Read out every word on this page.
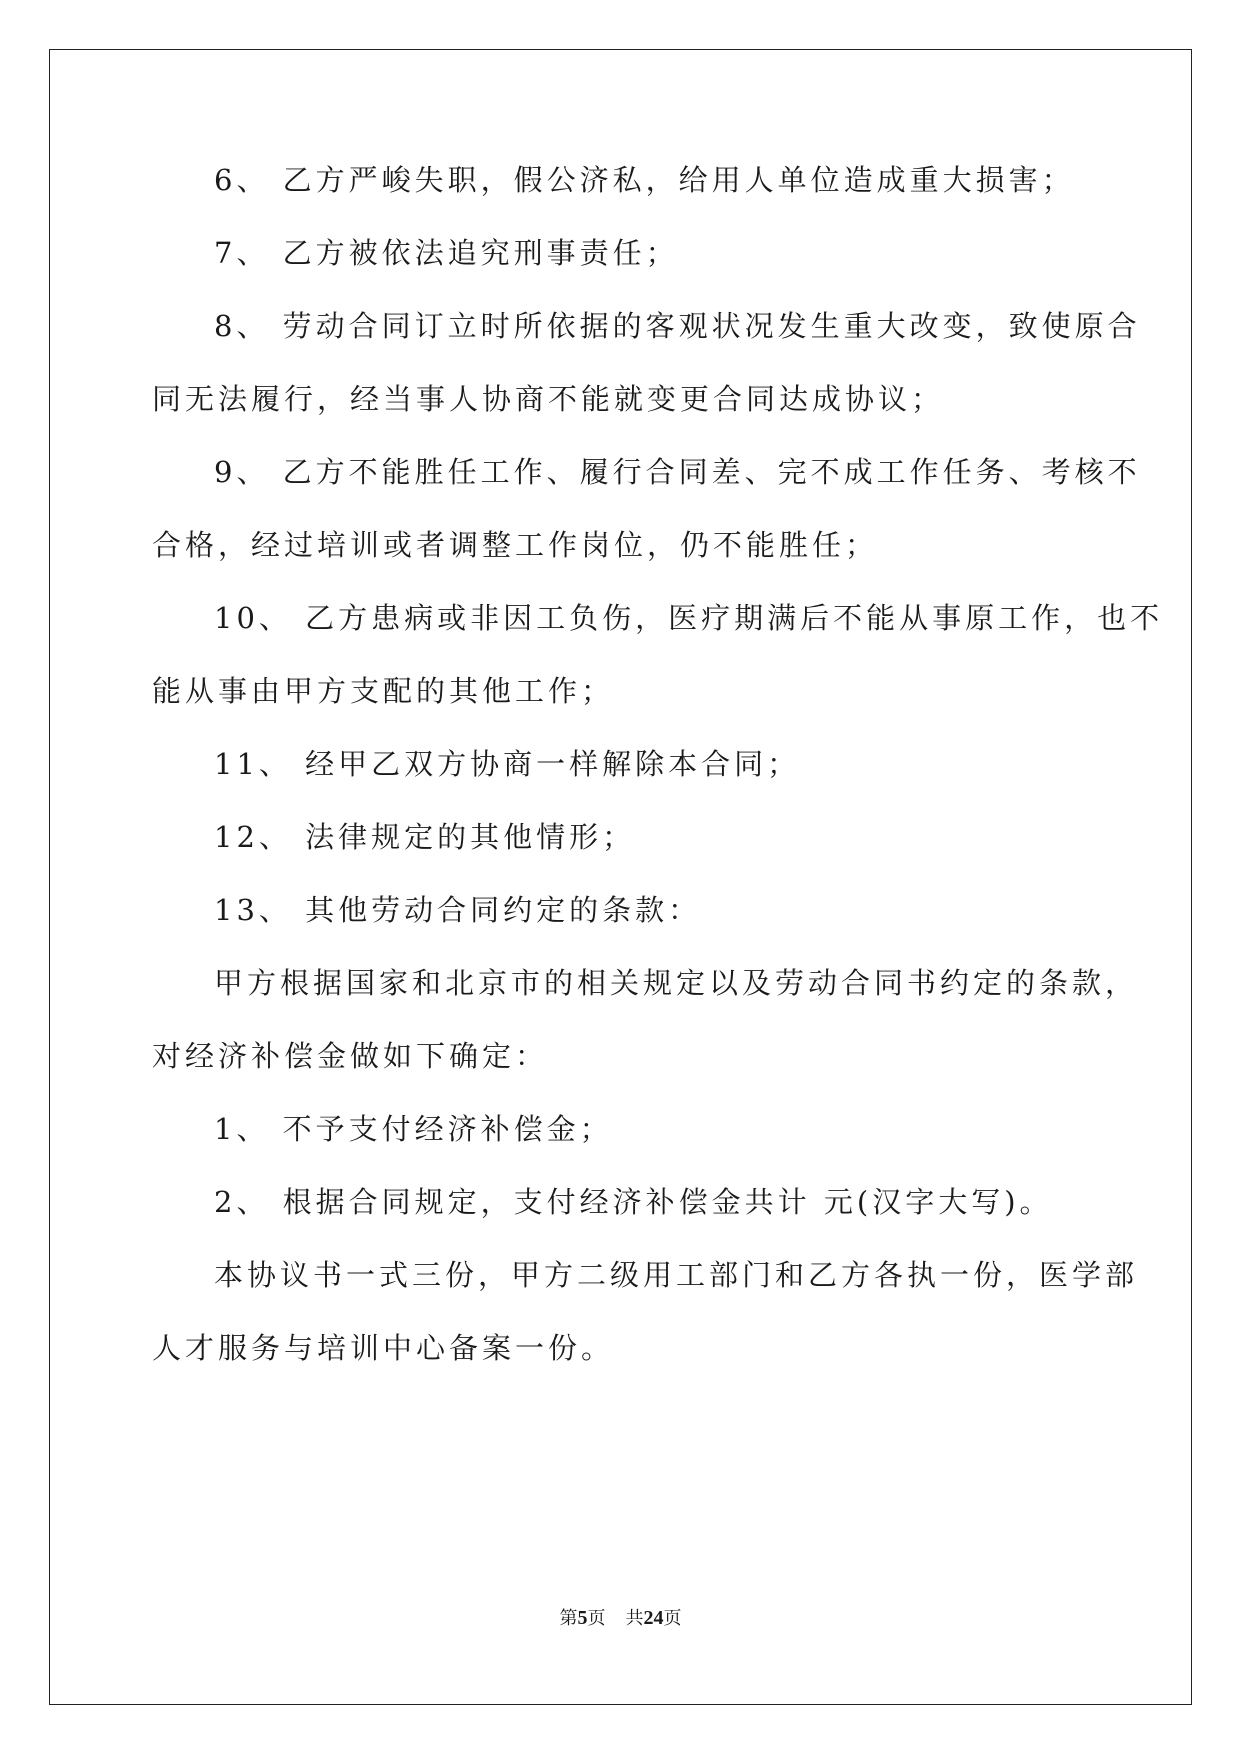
6、 乙方严峻失职，假公济私，给用人单位造成重大损害；
7、 乙方被依法追究刑事责任；
8、 劳动合同订立时所依据的客观状况发生重大改变，致使原合
同无法履行，经当事人协商不能就变更合同达成协议；
9、 乙方不能胜任工作、履行合同差、完不成工作任务、考核不
合格，经过培训或者调整工作岗位，仍不能胜任；
10、 乙方患病或非因工负伤，医疗期满后不能从事原工作，也不
能从事由甲方支配的其他工作；
11、 经甲乙双方协商一样解除本合同；
12、 法律规定的其他情形；
13、 其他劳动合同约定的条款：
甲方根据国家和北京市的相关规定以及劳动合同书约定的条款，
对经济补偿金做如下确定：
1、 不予支付经济补偿金；
2、 根据合同规定，支付经济补偿金共计 元(汉字大写)。
本协议书一式三份，甲方二级用工部门和乙方各执一份，医学部
人才服务与培训中心备案一份。
第5页 共24页
